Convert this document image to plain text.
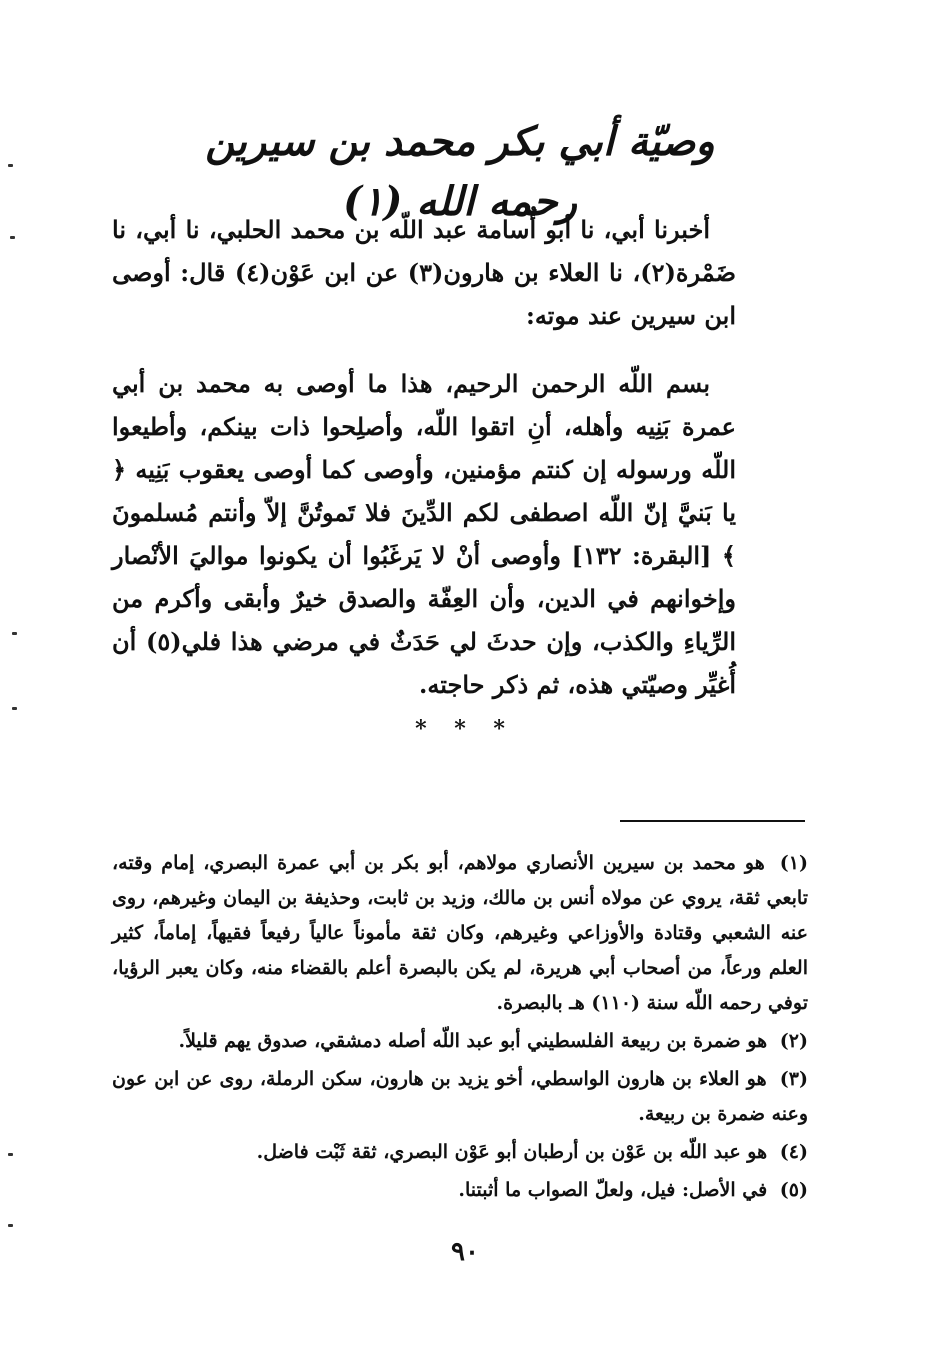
وصيّة أبي بكر محمد بن سيرين رحمه الله (١)
أخبرنا أبي، نا أبو أُسامة عبد اللّه بن محمد الحلبي، نا أبي، نا ضَمْرة(٢)، نا العلاء بن هارون(٣) عن ابن عَوْن(٤) قال: أوصى ابن سيرين عند موته:
بسم اللّه الرحمن الرحيم، هذا ما أوصى به محمد بن أبي عمرة بَنِيه وأهله، أنِ اتقوا اللّه، وأصلِحوا ذات بينكم، وأطيعوا اللّه ورسوله إن كنتم مؤمنين، وأوصى كما أوصى يعقوب بَنِيه ﴿ يا بَنيَّ إنّ اللّه اصطفى لكم الدِّينَ فلا تَموتُنَّ إلاّ وأنتم مُسلمونَ ﴾ [البقرة: ١٣٢] وأوصى أنْ لا يَرغَبُوا أن يكونوا مواليَ الأنْصار وإخوانهم في الدين، وأن العِفّة والصدق خيرٌ وأبقى وأكرم من الرِّياءِ والكذب، وإن حدثَ لي حَدَثٌ في مرضي هذا فلي(٥) أن أُغيِّر وصيّتي هذه، ثم ذكر حاجته.
* * *
(١) هو محمد بن سيرين الأنصاري مولاهم، أبو بكر بن أبي عمرة البصري، إمام وقته، تابعي ثقة، يروي عن مولاه أنس بن مالك، وزيد بن ثابت، وحذيفة بن اليمان وغيرهم، روى عنه الشعبي وقتادة والأوزاعي وغيرهم، وكان ثقة مأموناً عالياً رفيعاً فقيهاً، إماماً، كثير العلم ورعاً، من أصحاب أبي هريرة، لم يكن بالبصرة أعلم بالقضاء منه، وكان يعبر الرؤيا، توفي رحمه اللّه سنة (١١٠) هـ بالبصرة.
(٢) هو ضمرة بن ربيعة الفلسطيني أبو عبد اللّه أصله دمشقي، صدوق يهم قليلاً.
(٣) هو العلاء بن هارون الواسطي، أخو يزيد بن هارون، سكن الرملة، روى عن ابن عون وعنه ضمرة بن ربيعة.
(٤) هو عبد اللّه بن عَوْن بن أرطبان أبو عَوْن البصري، ثقة ثَبْت فاضل.
(٥) في الأصل: فيل، ولعلّ الصواب ما أثبتنا.
٩٠
